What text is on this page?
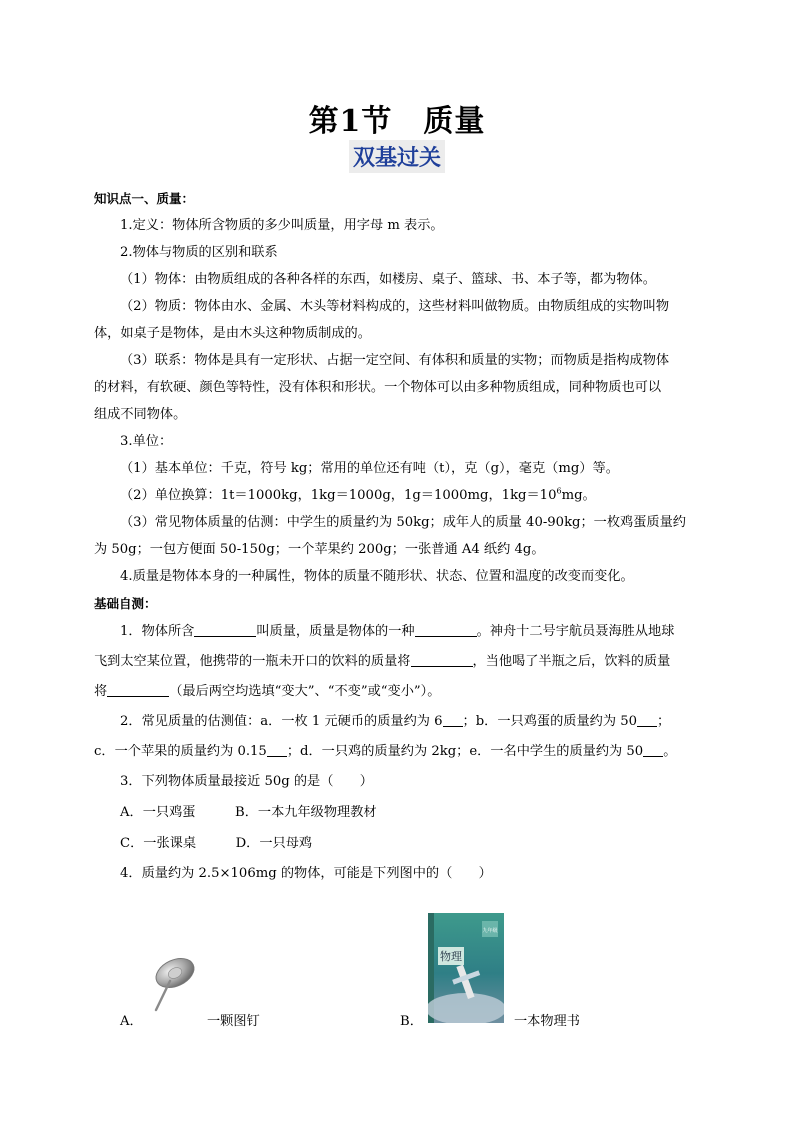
第1节　质量
双基过关

知识点一、质量：

1.定义：物体所含物质的多少叫质量，用字母 m 表示。

2.物体与物质的区别和联系

（1）物体：由物质组成的各种各样的东西，如楼房、桌子、篮球、书、本子等，都为物体。

（2）物质：物体由水、金属、木头等材料构成的，这些材料叫做物质。由物质组成的实物叫物

体，如桌子是物体，是由木头这种物质制成的。

（3）联系：物体是具有一定形状、占据一定空间、有体积和质量的实物；而物质是指构成物体

的材料，有软硬、颜色等特性，没有体积和形状。一个物体可以由多种物质组成，同种物质也可以

组成不同物体。

3.单位：

（1）基本单位：千克，符号 kg；常用的单位还有吨（t），克（g），毫克（mg）等。

（2）单位换算：1t＝1000kg，1kg＝1000g，1g＝1000mg，$1kg=10^6mg$。

（3）常见物体质量的估测：中学生的质量约为 50kg；成年人的质量 40-90kg；一枚鸡蛋质量约

为 50g；一包方便面 50-150g；一个苹果约 200g；一张普通 A4 纸约 4g。

4.质量是物体本身的一种属性，物体的质量不随形状、状态、位置和温度的改变而变化。

基础自测：

1．物体所含	叫质量，质量是物体的一种	。神舟十二号宇航员聂海胜从地球

飞到太空某位置，他携带的一瓶未开口的饮料的质量将	，当他喝了半瓶之后，饮料的质量

将	（最后两空均选填“变大”、“不变”或“变小”）。

2．常见质量的估测值：a．一枚 1 元硬币的质量约为 6 ；b．一只鸡蛋的质量约为 50 ；

c．一个苹果的质量约为 0.15 ；d．一只鸡的质量约为 2kg；e．一名中学生的质量约为 50 。

3．下列物体质量最接近 50g 的是（　　）

A．一只鸡蛋　　　B．一本九年级物理教材

C．一张课桌　　　D．一只母鸡

4．质量约为 2.5×106mg 的物体，可能是下列图中的（　　）

A．	一颗图钉	B．
物理
九年级
一本物理书
